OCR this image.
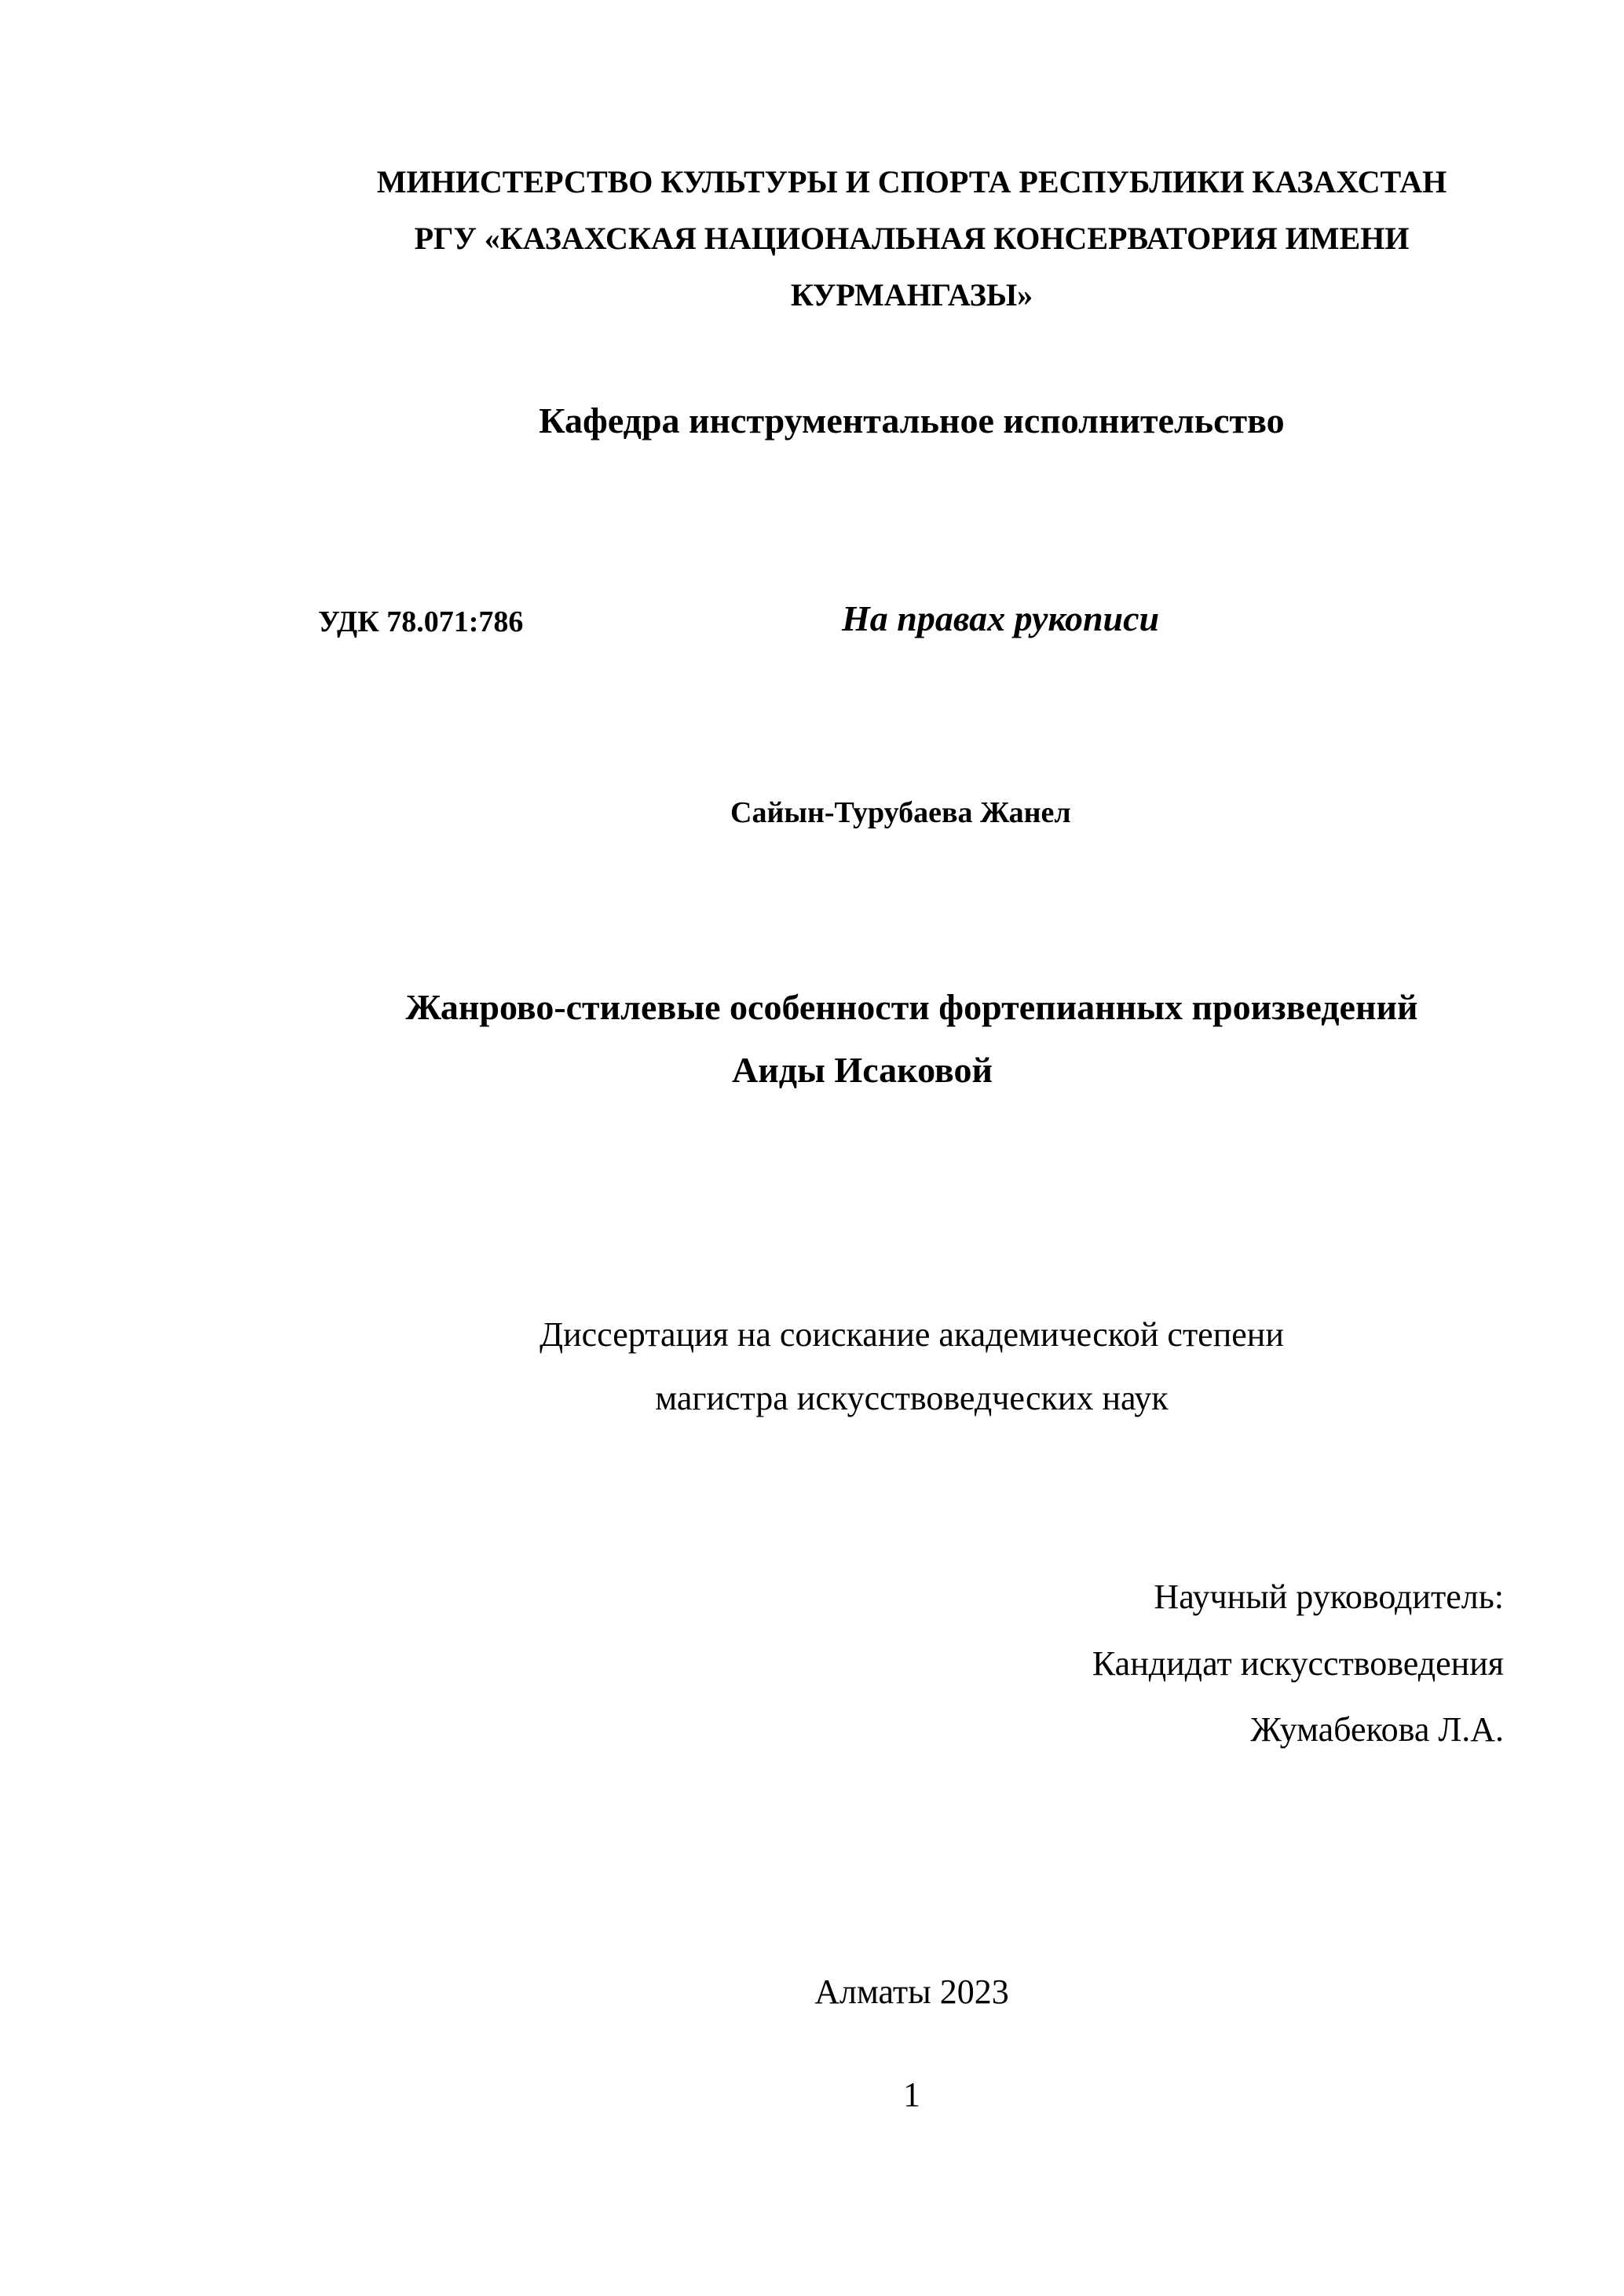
МИНИСТЕРСТВО КУЛЬТУРЫ И СПОРТА РЕСПУБЛИКИ КАЗАХСТАН
РГУ «КАЗАХСКАЯ НАЦИОНАЛЬНАЯ КОНСЕРВАТОРИЯ ИМЕНИ
КУРМАНГАЗЫ»
Кафедра инструментальное исполнительство
УДК 78.071:786	На правах рукописи
Сайын-Турубаева Жанел
Жанрово-стилевые особенности фортепианных произведений
Аиды Исаковой
Диссертация на соискание академической степени
магистра искусствоведческих наук
Научный руководитель:
Кандидат искусствоведения
Жумабекова Л.А.
Алматы 2023
1
